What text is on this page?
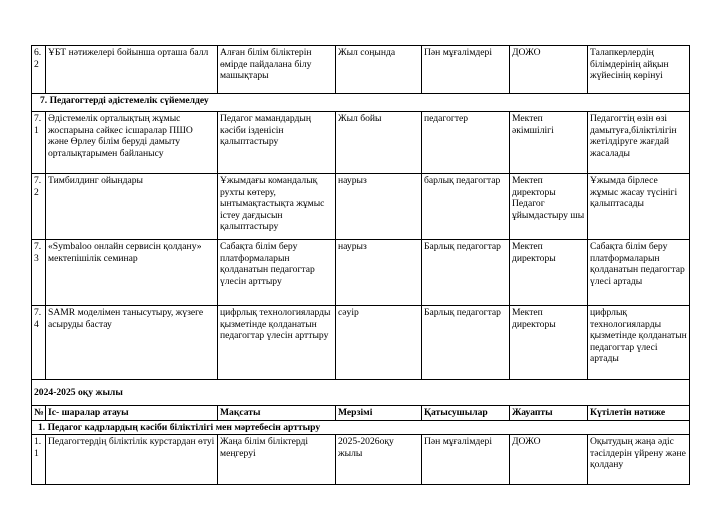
6.
2	ҰБТ нәтижелері бойынша орташа балл	Алған білім біліктерін өмірде пайдалана білу машықтары	Жыл соңында	Пән мұғалімдері	ДОЖО	Талапкерлердің білімдерінің айқын жүйесінің көрінуі
7. Педагогтерді әдістемелік сүйемелдеу						
7.
1	Әдістемелік орталықтың жұмыс жоспарына сәйкес ісшаралар ПШО және Өрлеу білім беруді дамыту орталықтарымен байланысу	Педагог мамандардың кәсіби ізденісін қалыптастыру	Жыл бойы	педагогтер	Мектеп әкімшілігі	Педагогтің өзін өзі дамытуға,біліктілігін жетілдіруге жағдай жасалады
7.
2	Тимбилдинг ойындары	Ұжымдағы командалық рухты көтеру, ынтымақтастықта жұмыс істеу дағдысын қалыптастыру	наурыз	барлық педагогтар	Мектеп директоры Педагог ұйымдастыру шы	Ұжымда бірлесе жұмыс жасау түсінігі қалыптасады
7.
3	«Symbaloo онлайн сервисін қолдану» мектепішілік семинар	Сабақта білім беру платформаларын қолданатын педагогтар үлесін арттыру	наурыз	Барлық педагогтар	Мектеп директоры	Сабақта білім беру платформаларын қолданатын педагогтар үлесі артады
7.
4	SAMR моделімен танысутыру, жүзеге асыруды бастау	цифрлық технологияларды қызметінде қолданатын педагогтар үлесін арттыру	сәуір	Барлық педагогтар	Мектеп директоры	цифрлық технологияларды қызметінде қолданатын педагогтар үлесі артады
2024-2025 оқу жылы						
№	Іс- шаралар атауы	Мақсаты	Мерзімі	Қатысушылар	Жауапты	Күтілетін нәтиже
1. Педагог кадрлардың кәсіби біліктілігі мен мәртебесін арттыру						
1.
1	Педагогтердің біліктілік курстардан өтуі	Жаңа білім біліктерді меңгеруі	2025-2026оқу жылы	Пән мұғалімдері	ДОЖО	Оқытудың жаңа әдіс тәсілдерін үйрену және қолдану
